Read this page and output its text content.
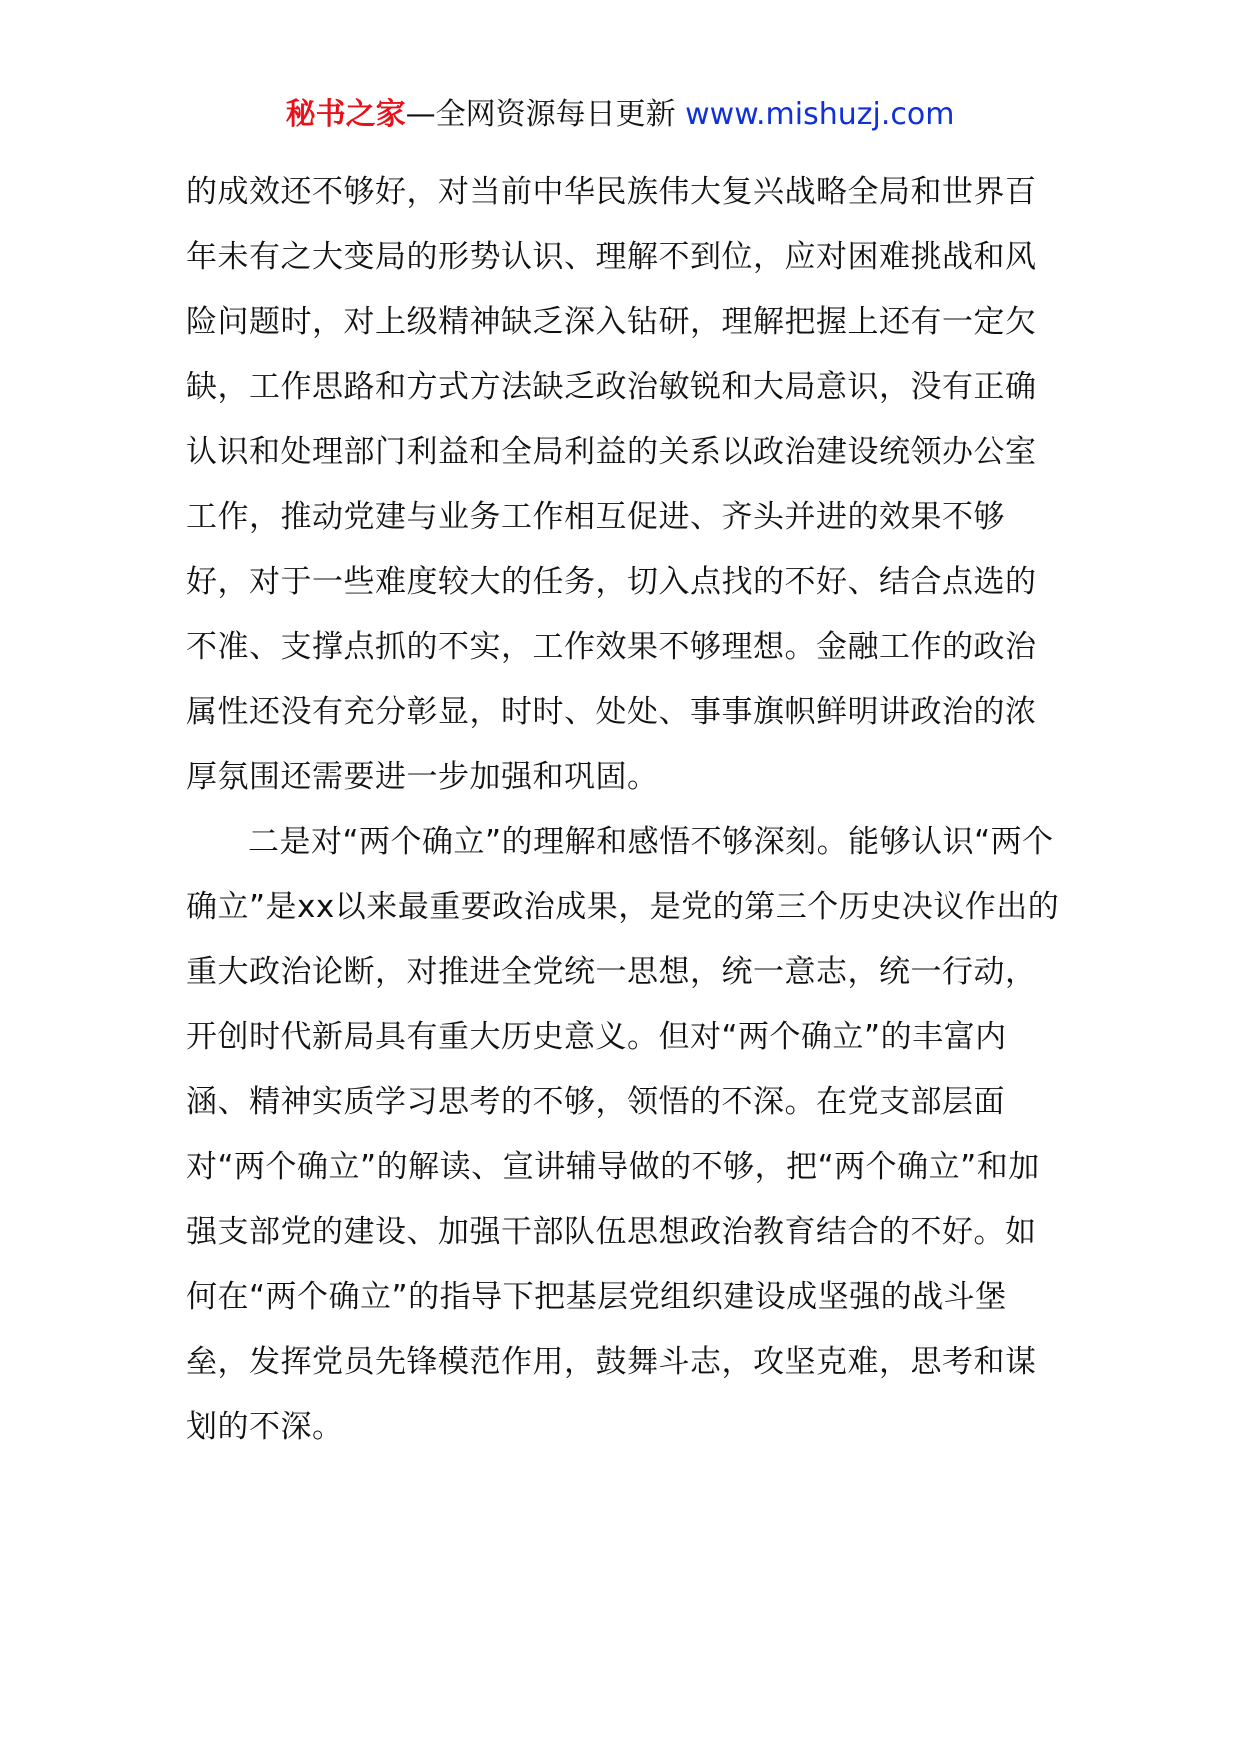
秘书之家—全网资源每日更新 www.mishuzj.com

的成效还不够好，对当前中华民族伟大复兴战略全局和世界百年未有之大变局的形势认识、理解不到位，应对困难挑战和风险问题时，对上级精神缺乏深入钻研，理解把握上还有一定欠缺，工作思路和方式方法缺乏政治敏锐和大局意识，没有正确认识和处理部门利益和全局利益的关系以政治建设统领办公室工作，推动党建与业务工作相互促进、齐头并进的效果不够好，对于一些难度较大的任务，切入点找的不好、结合点选的不准、支撑点抓的不实，工作效果不够理想。金融工作的政治属性还没有充分彰显，时时、处处、事事旗帜鲜明讲政治的浓厚氛围还需要进一步加强和巩固。

二是对“两个确立”的理解和感悟不够深刻。能够认识“两个确立”是xx以来最重要政治成果，是党的第三个历史决议作出的重大政治论断，对推进全党统一思想，统一意志，统一行动，开创时代新局具有重大历史意义。但对“两个确立”的丰富内涵、精神实质学习思考的不够，领悟的不深。在党支部层面对“两个确立”的解读、宣讲辅导做的不够，把“两个确立”和加强支部党的建设、加强干部队伍思想政治教育结合的不好。如何在“两个确立”的指导下把基层党组织建设成坚强的战斗堡垒，发挥党员先锋模范作用，鼓舞斗志，攻坚克难，思考和谋划的不深。
